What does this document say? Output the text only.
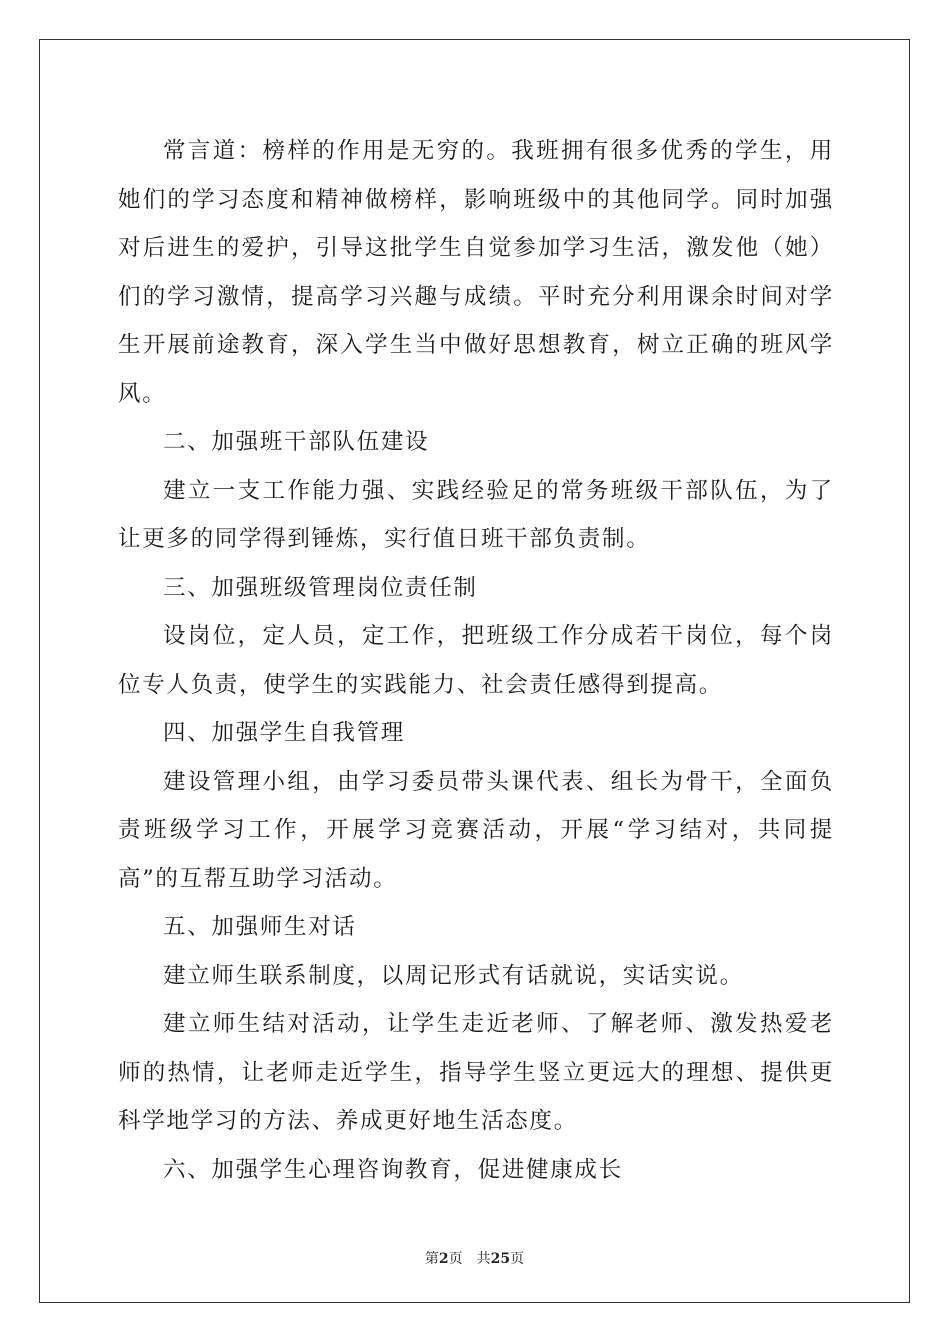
常言道：榜样的作用是无穷的。我班拥有很多优秀的学生，用她们的学习态度和精神做榜样，影响班级中的其他同学。同时加强对后进生的爱护，引导这批学生自觉参加学习生活，激发他（她）们的学习激情，提高学习兴趣与成绩。平时充分利用课余时间对学生开展前途教育，深入学生当中做好思想教育，树立正确的班风学风。

二、加强班干部队伍建设

建立一支工作能力强、实践经验足的常务班级干部队伍，为了让更多的同学得到锤炼，实行值日班干部负责制。

三、加强班级管理岗位责任制

设岗位，定人员，定工作，把班级工作分成若干岗位，每个岗位专人负责，使学生的实践能力、社会责任感得到提高。

四、加强学生自我管理

建设管理小组，由学习委员带头课代表、组长为骨干，全面负责班级学习工作，开展学习竞赛活动，开展“学习结对，共同提高”的互帮互助学习活动。

五、加强师生对话

建立师生联系制度，以周记形式有话就说，实话实说。

建立师生结对活动，让学生走近老师、了解老师、激发热爱老师的热情，让老师走近学生，指导学生竖立更远大的理想、提供更科学地学习的方法、养成更好地生活态度。

六、加强学生心理咨询教育，促进健康成长

第2页 共25页
